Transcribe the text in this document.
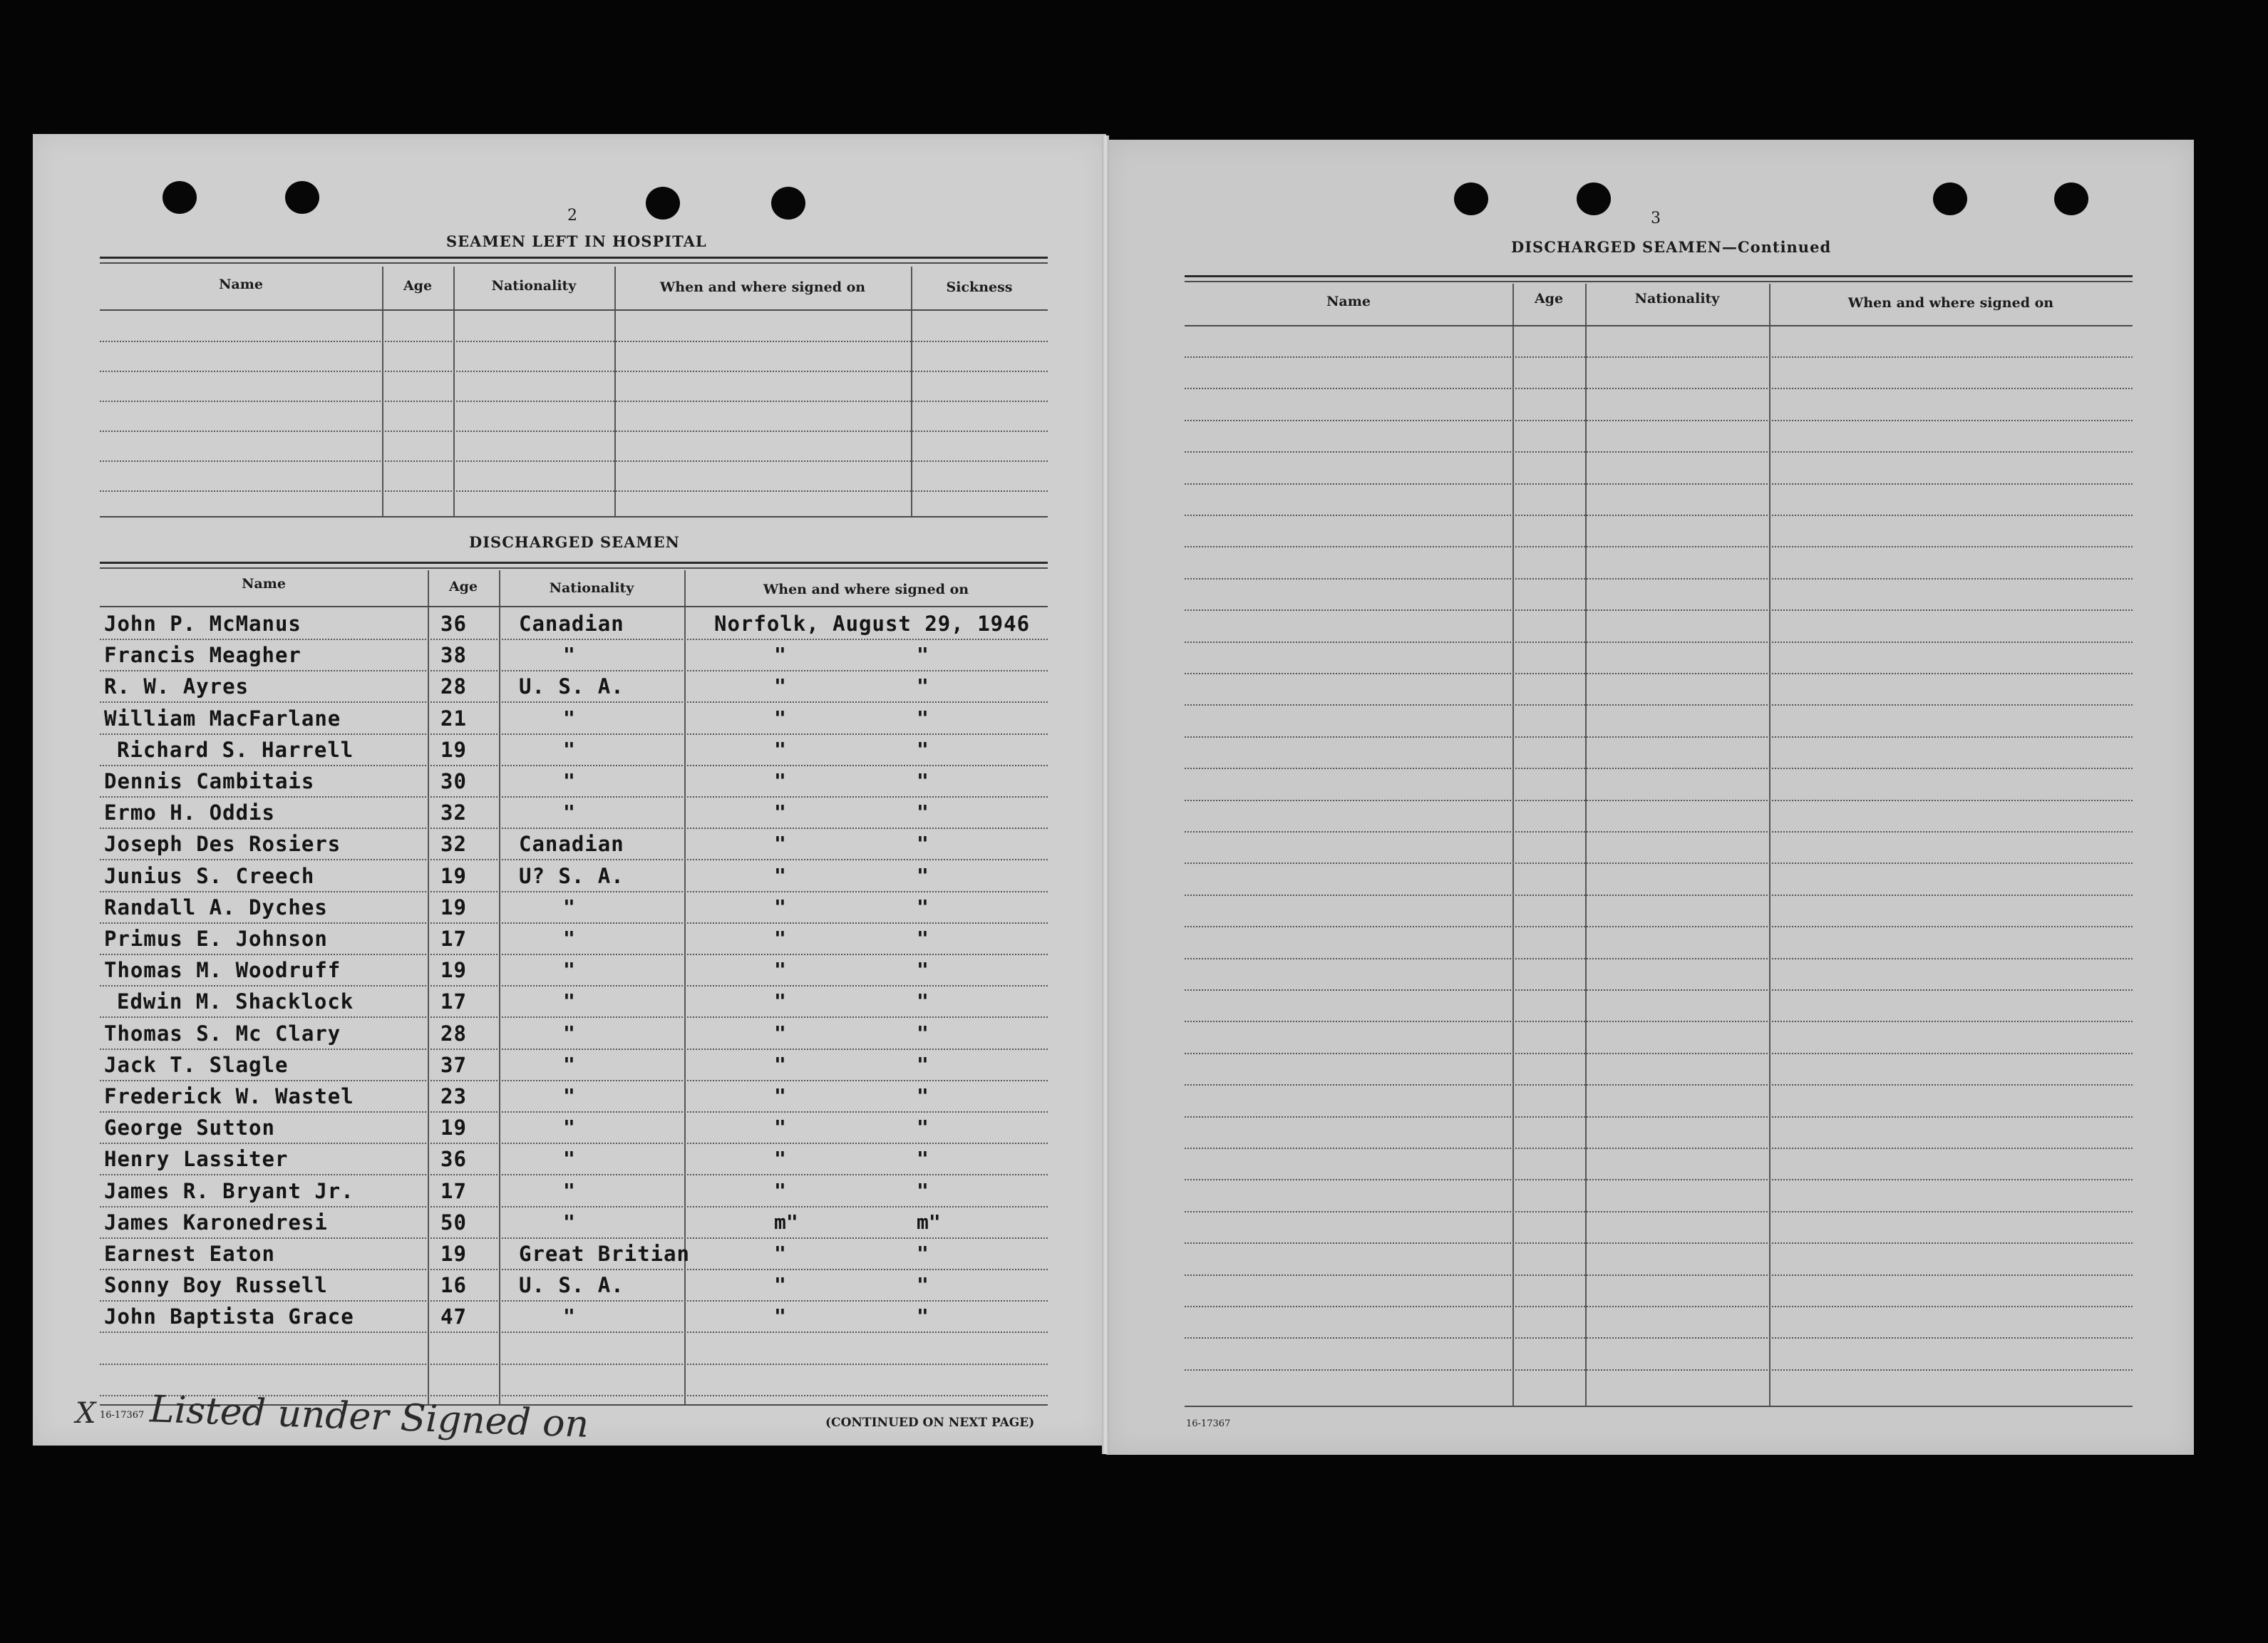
2
SEAMEN LEFT IN HOSPITAL
Name	Age	Nationality	When and where signed on	Sickness
DISCHARGED SEAMEN
Name	Age	Nationality	When and where signed on
John P. McManus	36	Canadian	Norfolk, August 29, 1946
Francis Meagher	38	"	"	"
R. W. Ayres	28	U. S. A.	"	"
William MacFarlane	21	"	"	"
Richard S. Harrell	19	"	"	"
Dennis Cambitais	30	"	"	"
Ermo H. Oddis	32	"	"	"
Joseph Des Rosiers	32	Canadian	"	"
Junius S. Creech	19	U? S. A.	"	"
Randall A. Dyches	19	"	"	"
Primus E. Johnson	17	"	"	"
Thomas M. Woodruff	19	"	"	"
Edwin M. Shacklock	17	"	"	"
Thomas S. Mc Clary	28	"	"	"
Jack T. Slagle	37	"	"	"
Frederick W. Wastel	23	"	"	"
George Sutton	19	"	"	"
Henry Lassiter	36	"	"	"
James R. Bryant Jr.	17	"	"	"
James Karonedresi	50	"	m"	m"
Earnest Eaton	19	Great Britian	"	"
Sonny Boy Russell	16	U. S. A.	"	"
John Baptista Grace	47	"	"	"
X 16-17367 Listed under Signed on	(CONTINUED ON NEXT PAGE)
3
DISCHARGED SEAMEN—Continued
Name	Age	Nationality	When and where signed on
16-17367
